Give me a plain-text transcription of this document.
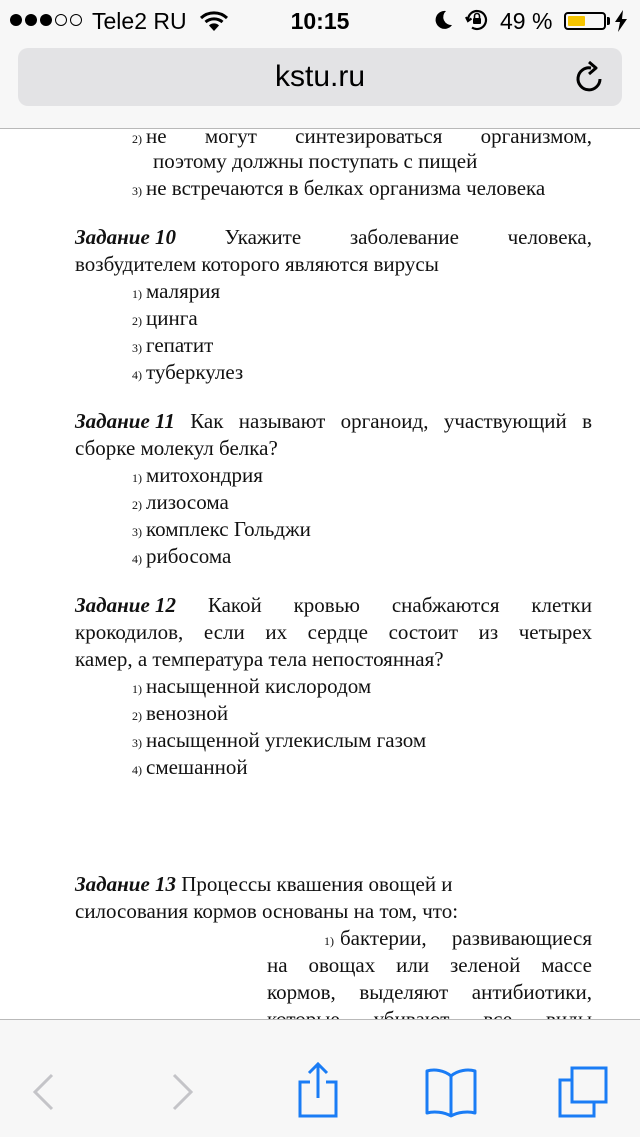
Tele2 RU	10:15	49 %
kstu.ru
2) не могут синтезироваться организмом,
поэтому должны поступать с пищей
3) не встречаются в белках организма человека
Задание 10 Укажите заболевание человека,
возбудителем которого являются вирусы
1) малярия
2) цинга
3) гепатит
4) туберкулез
Задание 11 Как называют органоид, участвующий в
сборке молекул белка?
1) митохондрия
2) лизосома
3) комплекс Гольджи
4) рибосома
Задание 12 Какой кровью снабжаются клетки
крокодилов, если их сердце состоит из четырех
камер, а температура тела непостоянная?
1) насыщенной кислородом
2) венозной
3) насыщенной углекислым газом
4) смешанной
Задание 13 Процессы квашения овощей и
силосования кормов основаны на том, что:
1) бактерии, развивающиеся
на овощах или зеленой массе
кормов, выделяют антибиотики,
